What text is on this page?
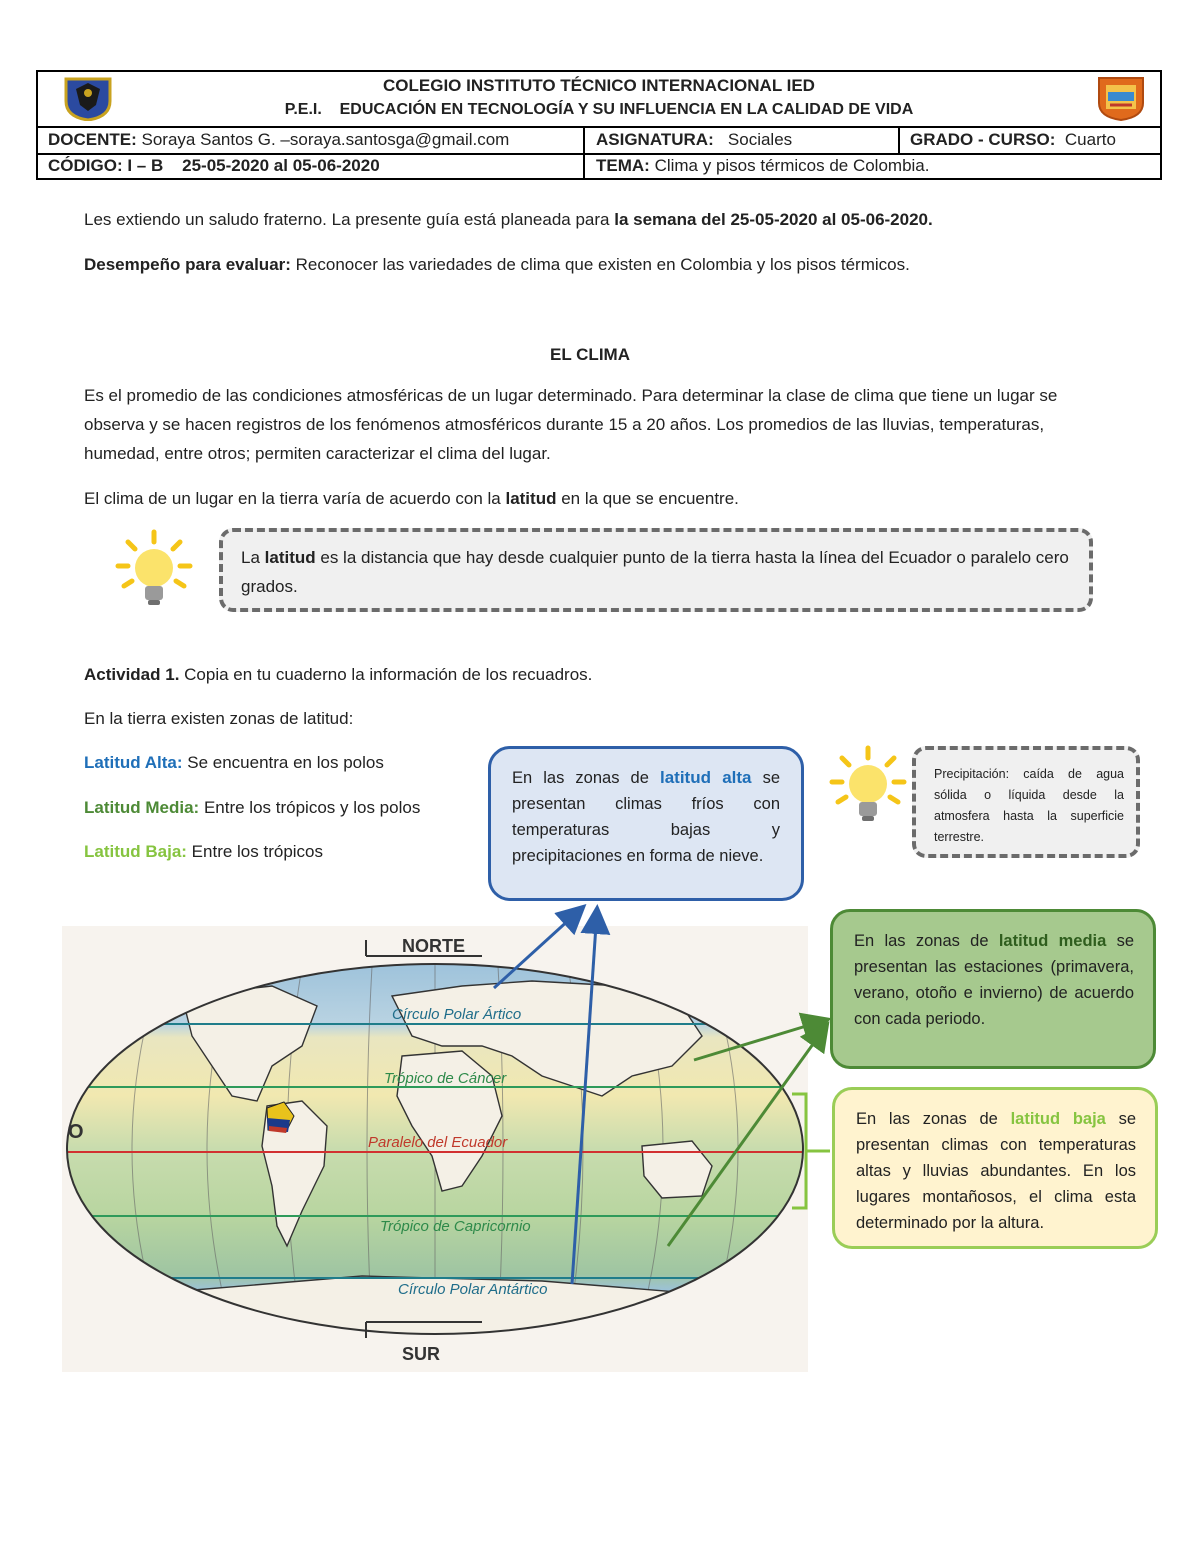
COLEGIO INSTITUTO TÉCNICO INTERNACIONAL IED
P.E.I.    EDUCACIÓN EN TECNOLOGÍA Y SU INFLUENCIA EN LA CALIDAD DE VIDA
DOCENTE:
Soraya Santos G. –soraya.santosga@gmail.com	ASIGNATURA:
Sociales	GRADO - CURSO:
Cuarto
CÓDIGO: I – B    25-05-2020 al 05-06-2020	TEMA:
Clima y pisos térmicos de Colombia.

Les extiendo un saludo fraterno. La presente guía está planeada para la semana del 25-05-2020 al 05-06-2020.

Desempeño para evaluar: Reconocer las variedades de clima que existen en Colombia y los pisos térmicos.

EL CLIMA

Es el promedio de las condiciones atmosféricas de un lugar determinado. Para determinar la clase de clima que tiene un lugar se observa y se hacen registros de los fenómenos atmosféricos durante 15 a 20 años. Los promedios de las lluvias, temperaturas, humedad, entre otros; permiten caracterizar el clima del lugar.

El clima de un lugar en la tierra varía de acuerdo con la latitud en la que se encuentre.

La latitud es la distancia que hay desde cualquier punto de la tierra hasta la línea del Ecuador o paralelo cero grados.

Actividad 1. Copia en tu cuaderno la información de los recuadros.

En la tierra existen zonas de latitud:

Latitud Alta: Se encuentra en los polos

Latitud Media: Entre los trópicos y los polos

Latitud Baja: Entre los trópicos

En las zonas de latitud alta se presentan climas fríos con temperaturas bajas y precipitaciones en forma de nieve.

Precipitación: caída de agua sólida o líquida desde la atmosfera hasta la superficie terrestre.

En las zonas de latitud media se presentan las estaciones (primavera, verano, otoño e invierno) de acuerdo con cada periodo.

En las zonas de latitud baja se presentan climas con temperaturas altas y lluvias abundantes. En los lugares montañosos, el clima esta determinado por la altura.

NORTE
SUR
O
Círculo Polar Ártico
Trópico de Cáncer
Paralelo del Ecuador
Trópico de Capricornio
Círculo Polar Antártico
